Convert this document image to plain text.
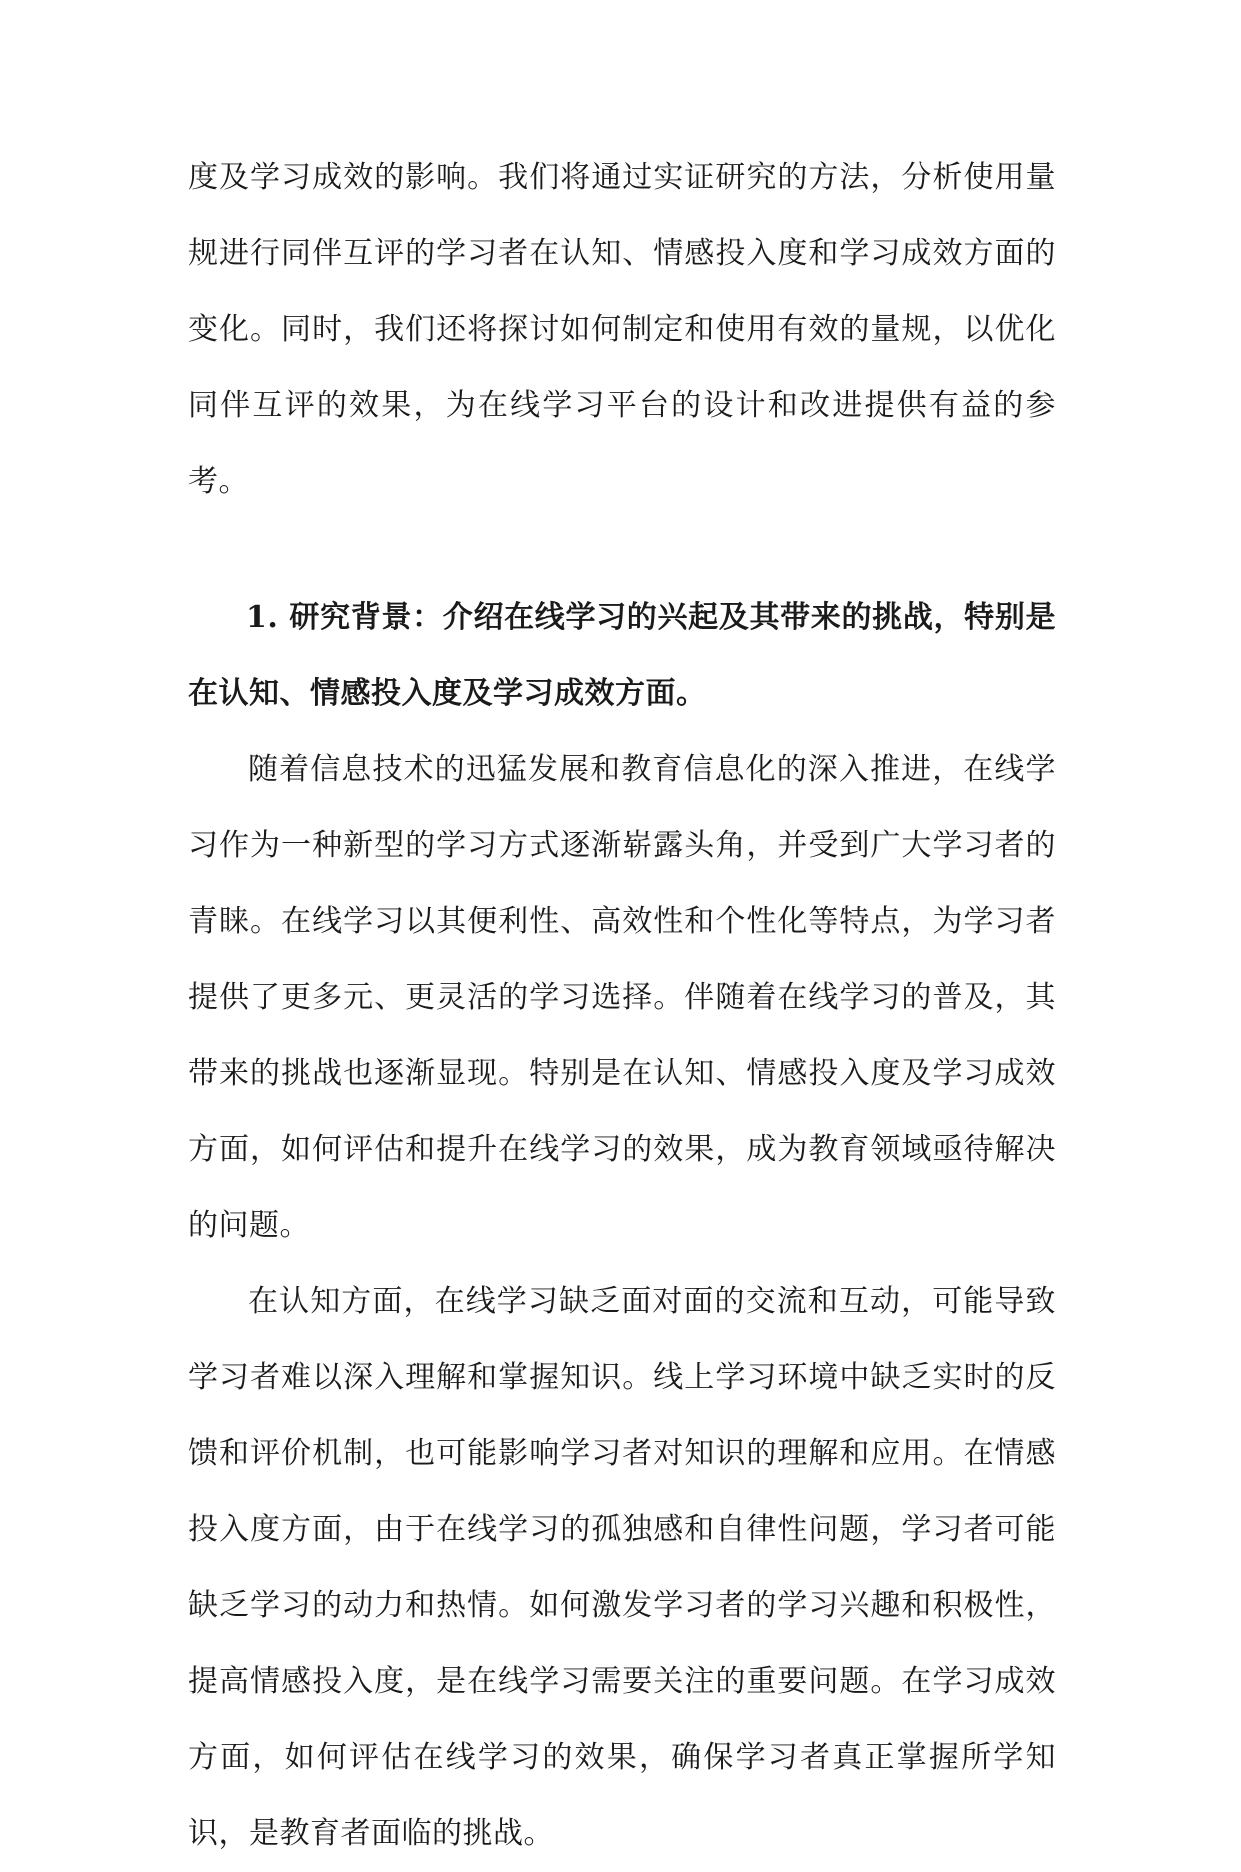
度及学习成效的影响。我们将通过实证研究的方法，分析使用量规进行同伴互评的学习者在认知、情感投入度和学习成效方面的变化。同时，我们还将探讨如何制定和使用有效的量规，以优化同伴互评的效果，为在线学习平台的设计和改进提供有益的参考。

1. 研究背景：介绍在线学习的兴起及其带来的挑战，特别是在认知、情感投入度及学习成效方面。

随着信息技术的迅猛发展和教育信息化的深入推进，在线学习作为一种新型的学习方式逐渐崭露头角，并受到广大学习者的青睐。在线学习以其便利性、高效性和个性化等特点，为学习者提供了更多元、更灵活的学习选择。伴随着在线学习的普及，其带来的挑战也逐渐显现。特别是在认知、情感投入度及学习成效方面，如何评估和提升在线学习的效果，成为教育领域亟待解决的问题。

在认知方面，在线学习缺乏面对面的交流和互动，可能导致学习者难以深入理解和掌握知识。线上学习环境中缺乏实时的反馈和评价机制，也可能影响学习者对知识的理解和应用。在情感投入度方面，由于在线学习的孤独感和自律性问题，学习者可能缺乏学习的动力和热情。如何激发学习者的学习兴趣和积极性，提高情感投入度，是在线学习需要关注的重要问题。在学习成效方面，如何评估在线学习的效果，确保学习者真正掌握所学知识，是教育者面临的挑战。
